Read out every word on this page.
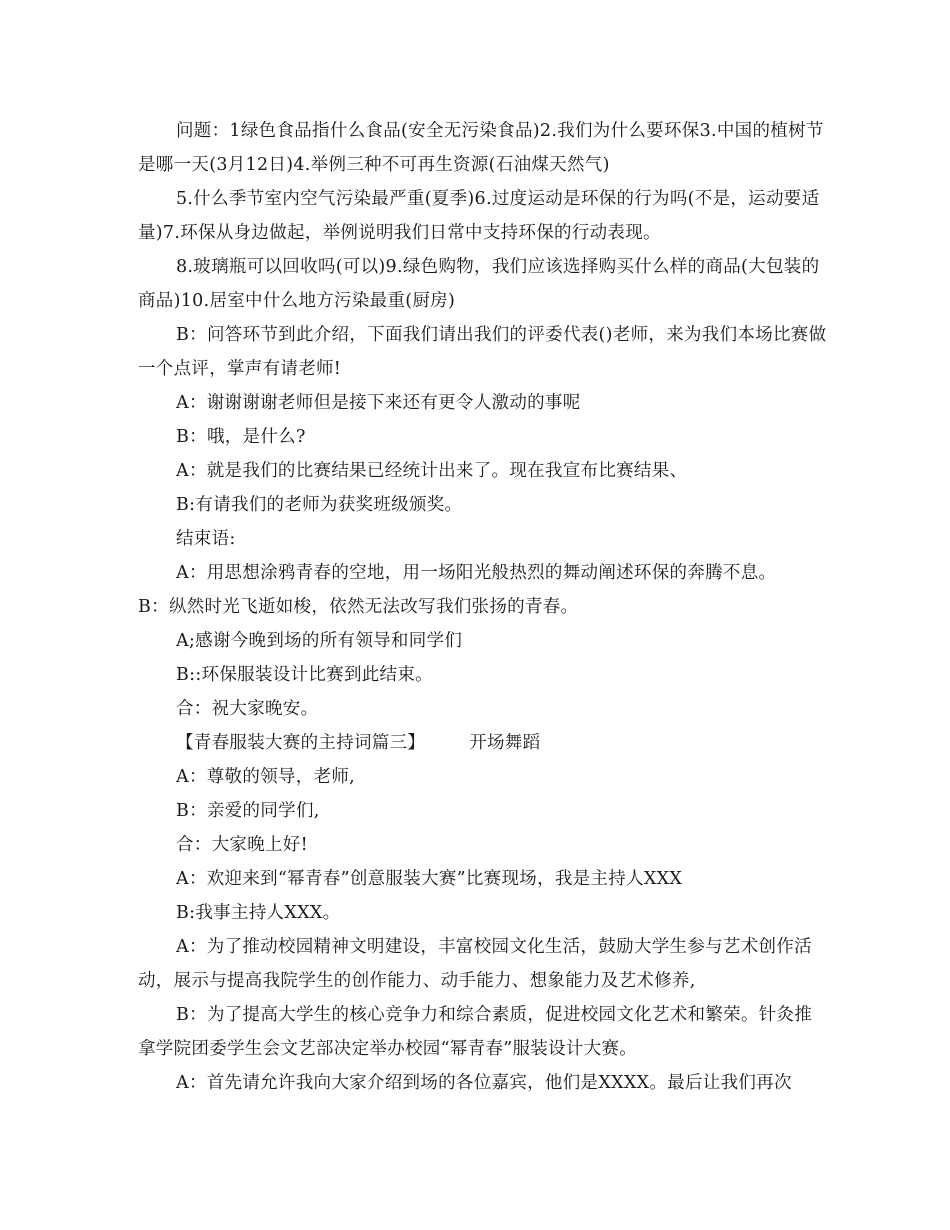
问题：1绿色食品指什么食品(安全无污染食品)2.我们为什么要环保3.中国的植树节是哪一天(3月12日)4.举例三种不可再生资源(石油煤天然气)

5.什么季节室内空气污染最严重(夏季)6.过度运动是环保的行为吗(不是，运动要适量)7.环保从身边做起，举例说明我们日常中支持环保的行动表现。

8.玻璃瓶可以回收吗(可以)9.绿色购物，我们应该选择购买什么样的商品(大包装的商品)10.居室中什么地方污染最重(厨房)

B：问答环节到此介绍，下面我们请出我们的评委代表()老师，来为我们本场比赛做一个点评，掌声有请老师!

A：谢谢谢谢老师但是接下来还有更令人激动的事呢

B：哦，是什么?

A：就是我们的比赛结果已经统计出来了。现在我宣布比赛结果、

B:有请我们的老师为获奖班级颁奖。

结束语:

A：用思想涂鸦青春的空地，用一场阳光般热烈的舞动阐述环保的奔腾不息。

B：纵然时光飞逝如梭，依然无法改写我们张扬的青春。

A;感谢今晚到场的所有领导和同学们

B::环保服装设计比赛到此结束。

合：祝大家晚安。

【青春服装大赛的主持词篇三】	开场舞蹈

A：尊敬的领导，老师,

B：亲爱的同学们,

合：大家晚上好!

A：欢迎来到“幂青春”创意服装大赛”比赛现场，我是主持人XXX

B:我事主持人XXX。

A：为了推动校园精神文明建设，丰富校园文化生活，鼓励大学生参与艺术创作活动，展示与提高我院学生的创作能力、动手能力、想象能力及艺术修养,

B：为了提高大学生的核心竞争力和综合素质，促进校园文化艺术和繁荣。针灸推拿学院团委学生会文艺部决定举办校园“幂青春”服装设计大赛。

A：首先请允许我向大家介绍到场的各位嘉宾，他们是XXXX。最后让我们再次
